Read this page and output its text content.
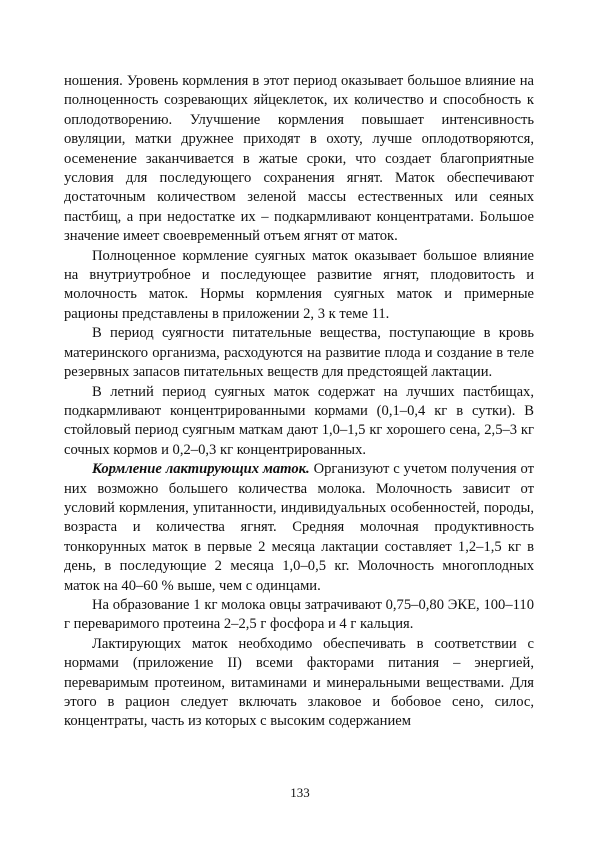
ношения. Уровень кормления в этот период оказывает большое влияние на полноценность созревающих яйцеклеток, их количество и способность к оплодотворению. Улучшение кормления повышает интенсивность овуляции, матки дружнее приходят в охоту, лучше оплодотворяются, осеменение заканчивается в жатые сроки, что создает благоприятные условия для последующего сохранения ягнят. Маток обеспечивают достаточным количеством зеленой массы естественных или сеяных пастбищ, а при недостатке их – подкармливают концентратами. Большое значение имеет своевременный отъем ягнят от маток.

Полноценное кормление суягных маток оказывает большое влияние на внутриутробное и последующее развитие ягнят, плодовитость и молочность маток. Нормы кормления суягных маток и примерные рационы представлены в приложении 2, 3 к теме 11.

В период суягности питательные вещества, поступающие в кровь материнского организма, расходуются на развитие плода и создание в теле резервных запасов питательных веществ для предстоящей лактации.

В летний период суягных маток содержат на лучших пастбищах, подкармливают концентрированными кормами (0,1–0,4 кг в сутки). В стойловый период суягным маткам дают 1,0–1,5 кг хорошего сена, 2,5–3 кг сочных кормов и 0,2–0,3 кг концентрированных.

Кормление лактирующих маток. Организуют с учетом получения от них возможно большего количества молока. Молочность зависит от условий кормления, упитанности, индивидуальных особенностей, породы, возраста и количества ягнят. Средняя молочная продуктивность тонкорунных маток в первые 2 месяца лактации составляет 1,2–1,5 кг в день, в последующие 2 месяца 1,0–0,5 кг. Молочность многоплодных маток на 40–60 % выше, чем с одинцами.

На образование 1 кг молока овцы затрачивают 0,75–0,80 ЭКЕ, 100–110 г переваримого протеина 2–2,5 г фосфора и 4 г кальция.

Лактирующих маток необходимо обеспечивать в соответствии с нормами (приложение II) всеми факторами питания – энергией, переваримым протеином, витаминами и минеральными веществами. Для этого в рацион следует включать злаковое и бобовое сено, силос, концентраты, часть из которых с высоким содержанием

133
